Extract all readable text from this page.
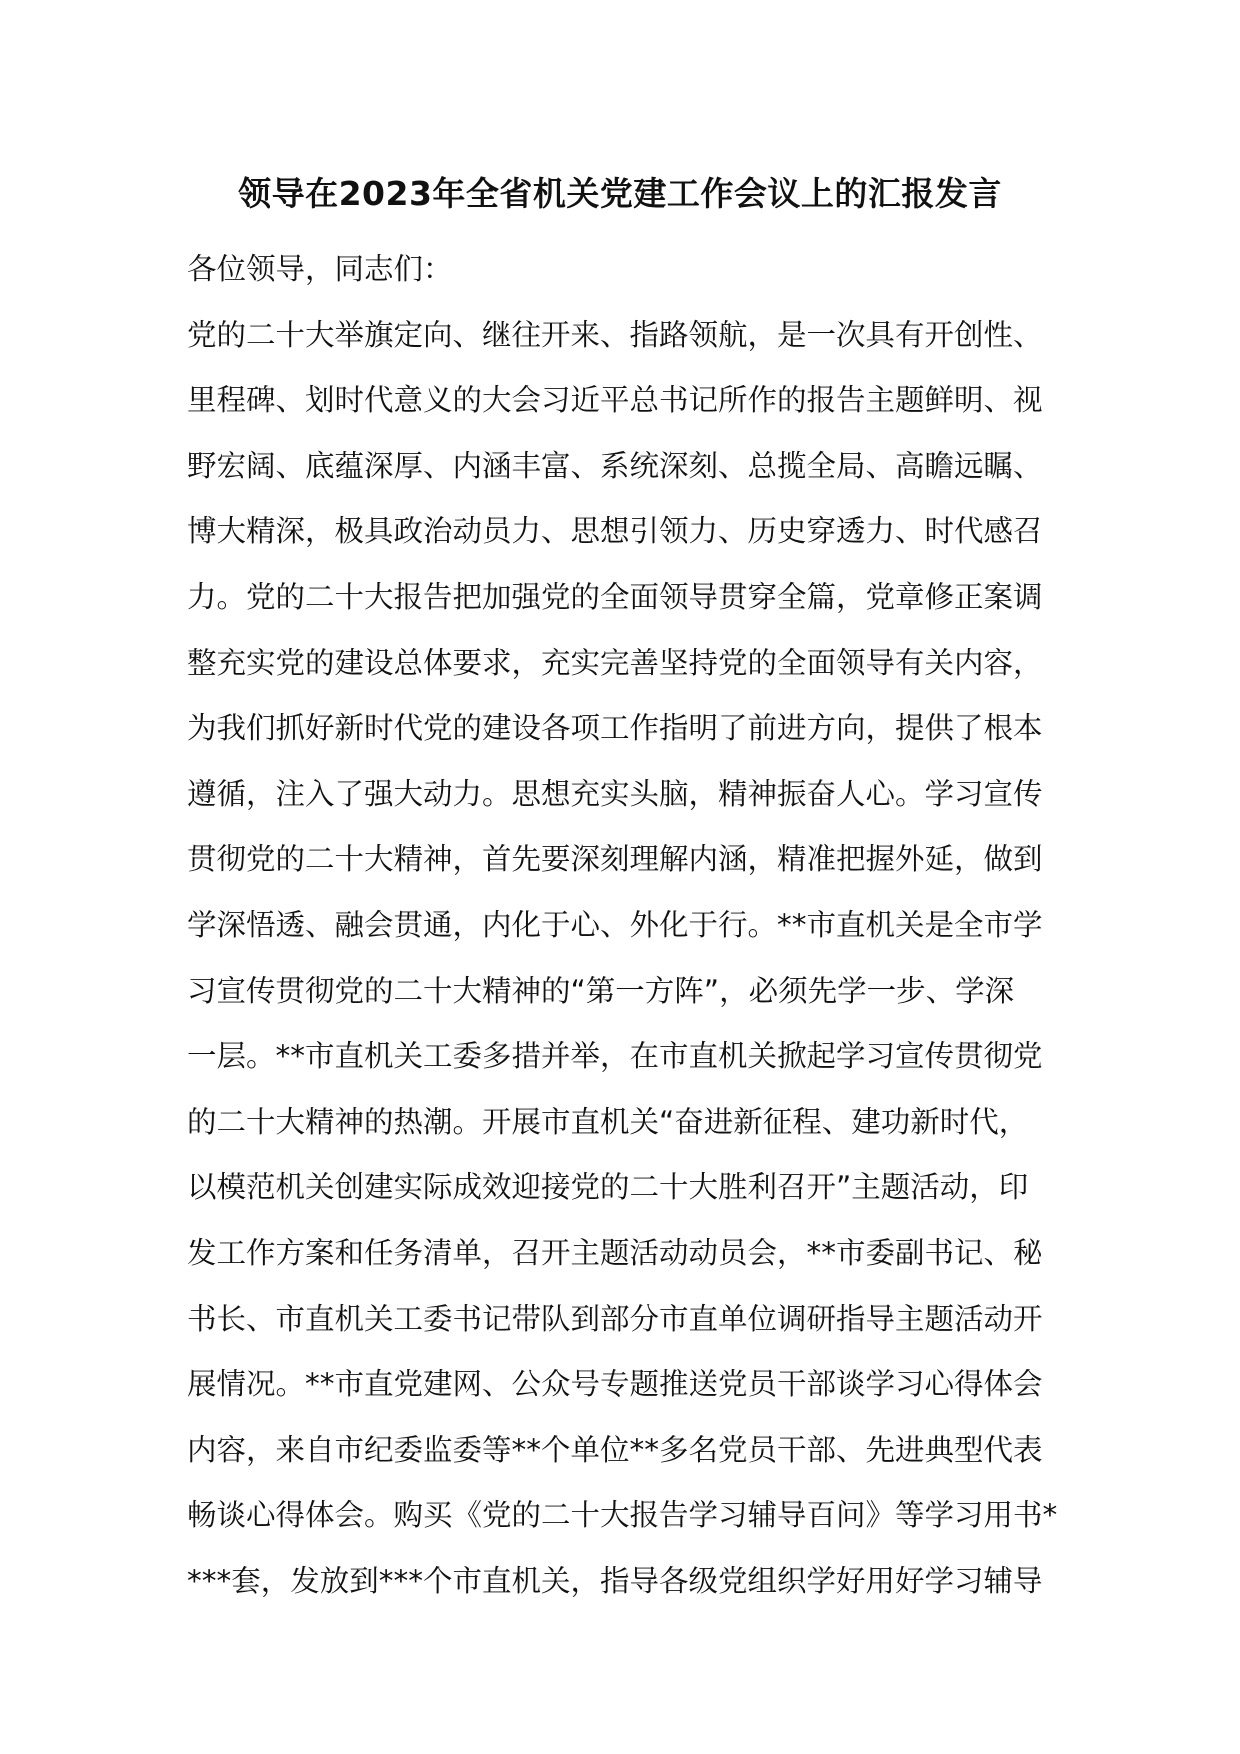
领导在2023年全省机关党建工作会议上的汇报发言
各位领导，同志们：
党的二十大举旗定向、继往开来、指路领航，是一次具有开创性、
里程碑、划时代意义的大会习近平总书记所作的报告主题鲜明、视
野宏阔、底蕴深厚、内涵丰富、系统深刻、总揽全局、高瞻远瞩、
博大精深，极具政治动员力、思想引领力、历史穿透力、时代感召
力。党的二十大报告把加强党的全面领导贯穿全篇，党章修正案调
整充实党的建设总体要求，充实完善坚持党的全面领导有关内容，
为我们抓好新时代党的建设各项工作指明了前进方向，提供了根本
遵循，注入了强大动力。思想充实头脑，精神振奋人心。学习宣传
贯彻党的二十大精神，首先要深刻理解内涵，精准把握外延，做到
学深悟透、融会贯通，内化于心、外化于行。**市直机关是全市学
习宣传贯彻党的二十大精神的“第一方阵”，必须先学一步、学深
一层。**市直机关工委多措并举，在市直机关掀起学习宣传贯彻党
的二十大精神的热潮。开展市直机关“奋进新征程、建功新时代，
以模范机关创建实际成效迎接党的二十大胜利召开”主题活动，印
发工作方案和任务清单，召开主题活动动员会，**市委副书记、秘
书长、市直机关工委书记带队到部分市直单位调研指导主题活动开
展情况。**市直党建网、公众号专题推送党员干部谈学习心得体会
内容，来自市纪委监委等**个单位**多名党员干部、先进典型代表
畅谈心得体会。购买《党的二十大报告学习辅导百问》等学习用书*
***套，发放到***个市直机关，指导各级党组织学好用好学习辅导
